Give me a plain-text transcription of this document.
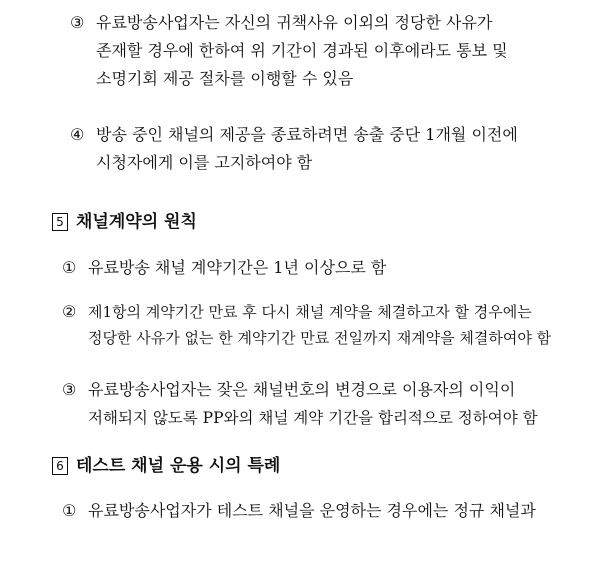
③ 유료방송사업자는 자신의 귀책사유 이외의 정당한 사유가
존재할 경우에 한하여 위 기간이 경과된 이후에라도 통보 및
소명기회 제공 절차를 이행할 수 있음
④ 방송 중인 채널의 제공을 종료하려면 송출 중단 1개월 이전에
시청자에게 이를 고지하여야 함
5 채널계약의 원칙
① 유료방송 채널 계약기간은 1년 이상으로 함
② 제1항의 계약기간 만료 후 다시 채널 계약을 체결하고자 할 경우에는
정당한 사유가 없는 한 계약기간 만료 전일까지 재계약을 체결하여야 함
③ 유료방송사업자는 잦은 채널번호의 변경으로 이용자의 이익이
저해되지 않도록 PP와의 채널 계약 기간을 합리적으로 정하여야 함
6 테스트 채널 운용 시의 특례
① 유료방송사업자가 테스트 채널을 운영하는 경우에는 정규 채널과
